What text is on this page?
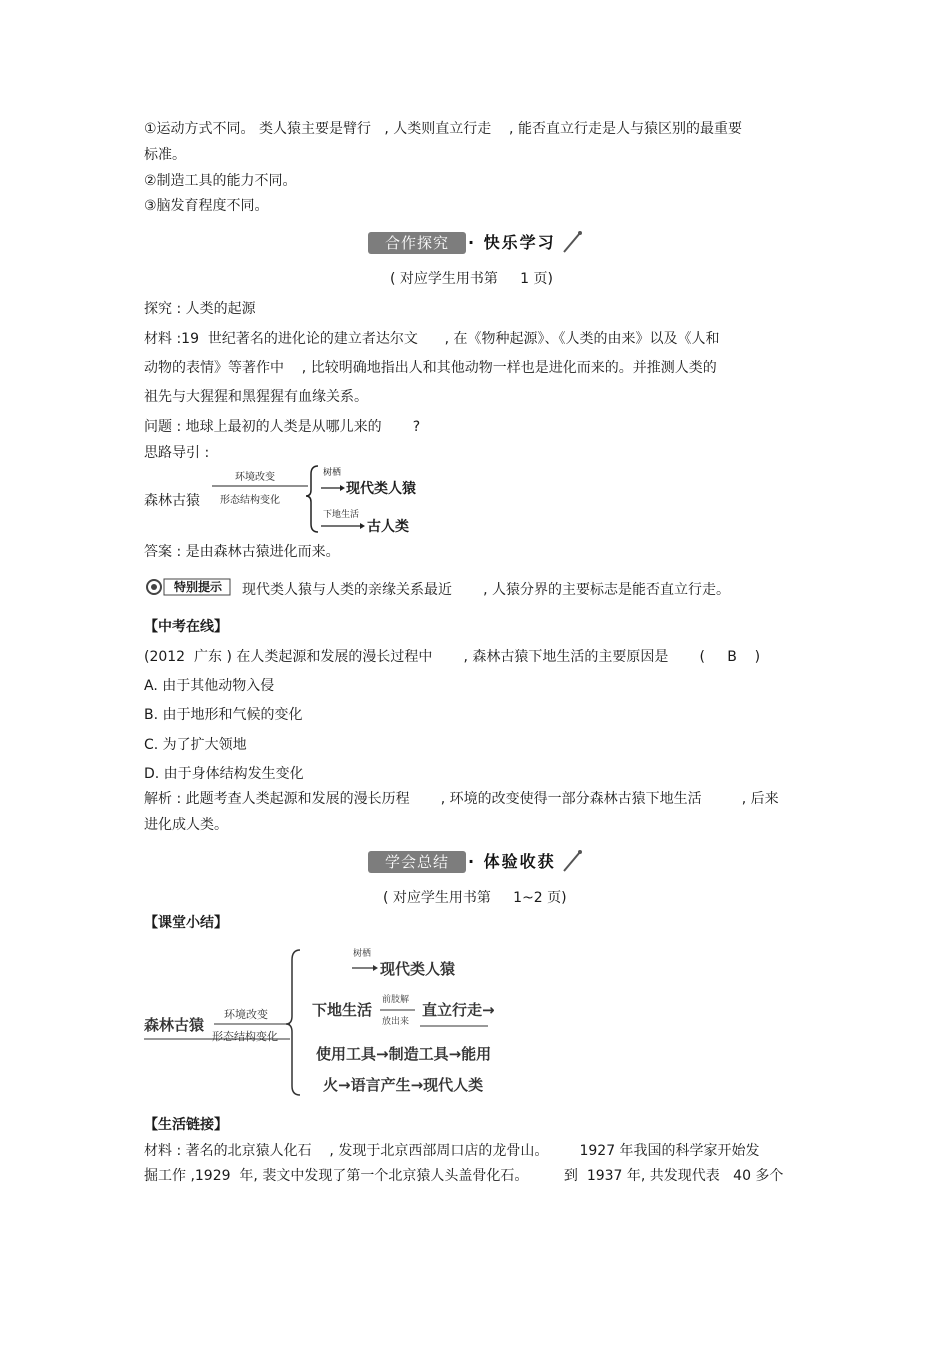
①运动方式不同。 类人猿主要是臂行   , 人类则直立行走    , 能否直立行走是人与猿区别的最重要
标准。
②制造工具的能力不同。
③脑发育程度不同。
合作探究	· 快乐学习
( 对应学生用书第     1 页)
探究 : 人类的起源
材料 :19  世纪著名的进化论的建立者达尔文      , 在《物种起源》、《人类的由来》以及《人和
动物的表情》等著作中    , 比较明确地指出人和其他动物一样也是进化而来的。并推测人类的
祖先与大猩猩和黑猩猩有血缘关系。
问题 : 地球上最初的人类是从哪儿来的       ?
思路导引 :
森林古猿
环境改变
形态结构变化
树栖
现代类人猿
下地生活
古人类
答案 : 是由森林古猿进化而来。
特别提示	现代类人猿与人类的亲缘关系最近       , 人猿分界的主要标志是能否直立行走。
【中考在线】
(2012  广东 ) 在人类起源和发展的漫长过程中       , 森林古猿下地生活的主要原因是       (     B    )
A. 由于其他动物入侵
B. 由于地形和气候的变化
C. 为了扩大领地
D. 由于身体结构发生变化
解析 : 此题考查人类起源和发展的漫长历程       , 环境的改变使得一部分森林古猿下地生活         , 后来
进化成人类。
学会总结	· 体验收获
( 对应学生用书第     1~2 页)
【课堂小结】
森林古猿
环境改变
形态结构变化
树栖
现代类人猿
下地生活
前肢解
放出来
直立行走→
使用工具→制造工具→能用
火→语言产生→现代人类
【生活链接】
材料 : 著名的北京猿人化石    , 发现于北京西部周口店的龙骨山。       1927 年我国的科学家开始发
掘工作 ,1929  年, 裴文中发现了第一个北京猿人头盖骨化石。        到  1937 年, 共发现代表   40 多个
